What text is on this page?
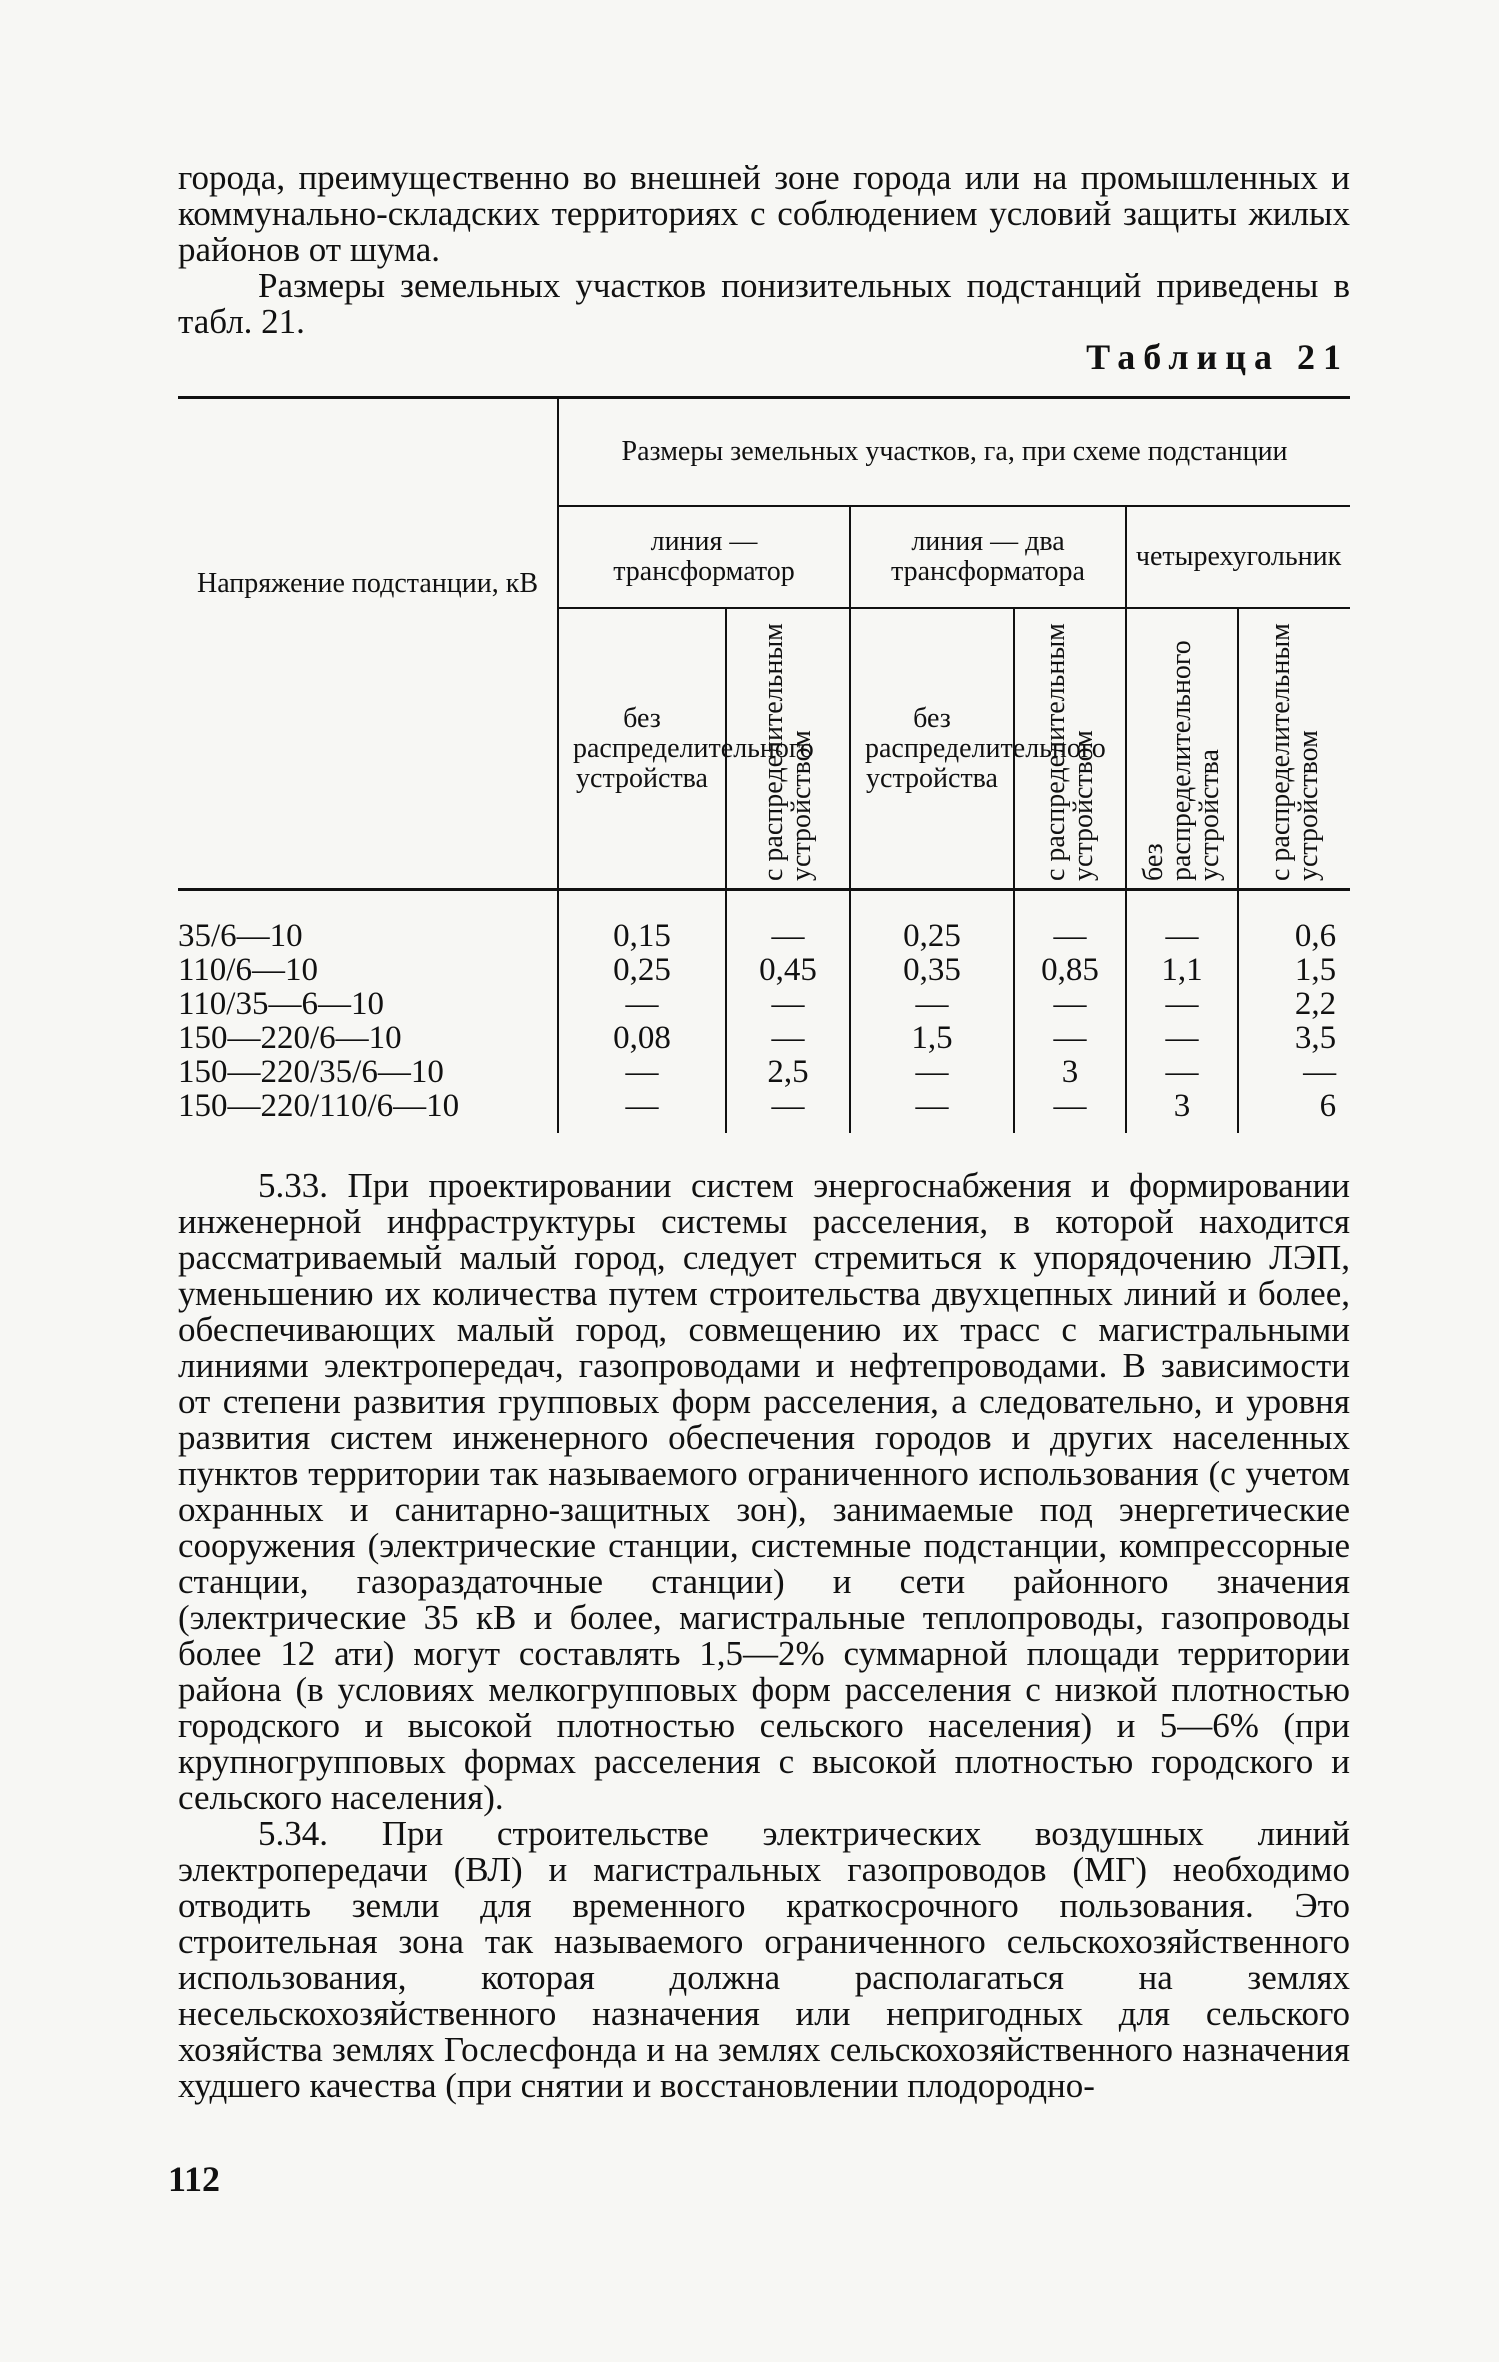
города, преимущественно во внешней зоне города или на промышленных и коммунально-складских территориях с соблюдением условий защиты жилых районов от шума.

Размеры земельных участков понизительных подстанций приведены в табл. 21.

Таблица 21
Напряжение подстанции, кВ	Размеры земельных участков, га, при схеме подстанции					
	линия — трансформатор		линия — два трансформатора		четырехугольник	
	без распределительного устройства	с распределительным устройством	без распределительного устройства	с распределительным устройством	без распределительного устройства	с распределительным устройством
35/6—10	0,15	—	0,25	—	—	0,6
110/6—10	0,25	0,45	0,35	0,85	1,1	1,5
110/35—6—10	—	—	—	—	—	2,2
150—220/6—10	0,08	—	1,5	—	—	3,5
150—220/35/6—10	—	2,5	—	3	—	—
150—220/110/6—10	—	—	—	—	3	6

5.33. При проектировании систем энергоснабжения и формировании инженерной инфраструктуры системы расселения, в которой находится рассматриваемый малый город, следует стремиться к упорядочению ЛЭП, уменьшению их количества путем строительства двухцепных линий и более, обеспечивающих малый город, совмещению их трасс с магистральными линиями электропередач, газопроводами и нефтепроводами. В зависимости от степени развития групповых форм расселения, а следовательно, и уровня развития систем инженерного обеспечения городов и других населенных пунктов территории так называемого ограниченного использования (с учетом охранных и санитарно-защитных зон), занимаемые под энергетические сооружения (электрические станции, системные подстанции, компрессорные станции, газораздаточные станции) и сети районного значения (электрические 35 кВ и более, магистральные теплопроводы, газопроводы более 12 ати) могут составлять 1,5—2% суммарной площади территории района (в условиях мелкогрупповых форм расселения с низкой плотностью городского и высокой плотностью сельского населения) и 5—6% (при крупногрупповых формах расселения с высокой плотностью городского и сельского населения).

5.34. При строительстве электрических воздушных линий электропередачи (ВЛ) и магистральных газопроводов (МГ) необходимо отводить земли для временного краткосрочного пользования. Это строительная зона так называемого ограниченного сельскохозяйственного использования, которая должна располагаться на землях несельскохозяйственного назначения или непригодных для сельского хозяйства землях Гослесфонда и на землях сельскохозяйственного назначения худшего качества (при снятии и восстановлении плодородно-

112
